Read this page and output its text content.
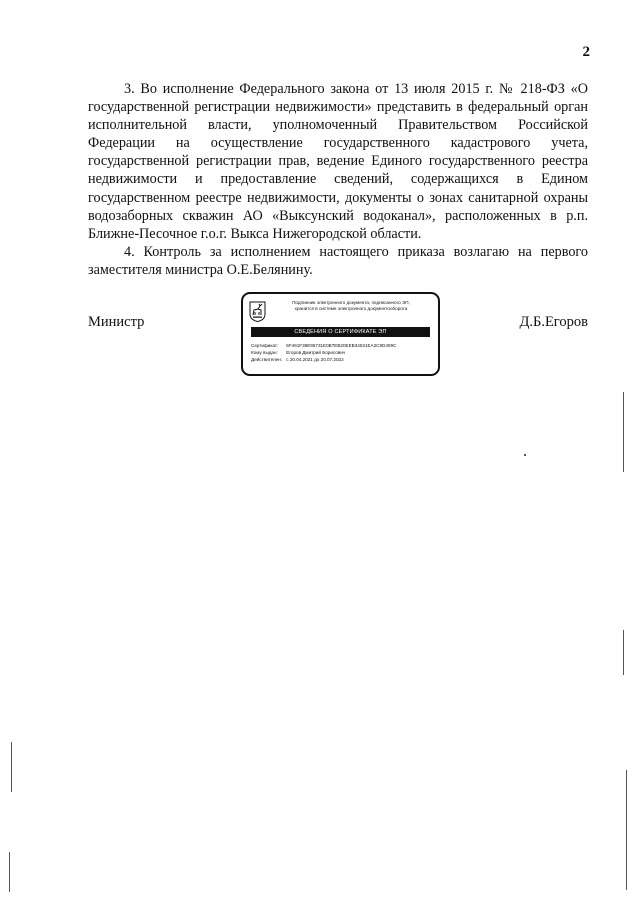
2

3. Во исполнение Федерального закона от 13 июля 2015 г. № 218-ФЗ «О государственной регистрации недвижимости» представить в федеральный орган исполнительной власти, уполномоченный Правительством Российской Федерации на осуществление государственного кадастрового учета, государственной регистрации прав, ведение Единого государственного реестра недвижимости и предоставление сведений, содержащихся в Едином государственном реестре недвижимости, документы о зонах санитарной охраны водозаборных скважин АО «Выксунский водоканал», расположенных в р.п. Ближне-Песочное г.о.г. Выкса Нижегородской области.

4. Контроль за исполнением настоящего приказа возлагаю на первого заместителя министра О.Е.Белянину.

Министр
Подлинник электронного документа, подписанного ЭП,
хранится в системе электронного документооборота
СВЕДЕНИЯ О СЕРТИФИКАТЕ ЭП
Сертификат: 6F461F38E95731E0B7EB20EEB34531EA2C8D409C
Кому выдан: Егоров Дмитрий Борисович
Действителен: с 20.04.2021 до 20.07.2022
Д.Б.Егоров
